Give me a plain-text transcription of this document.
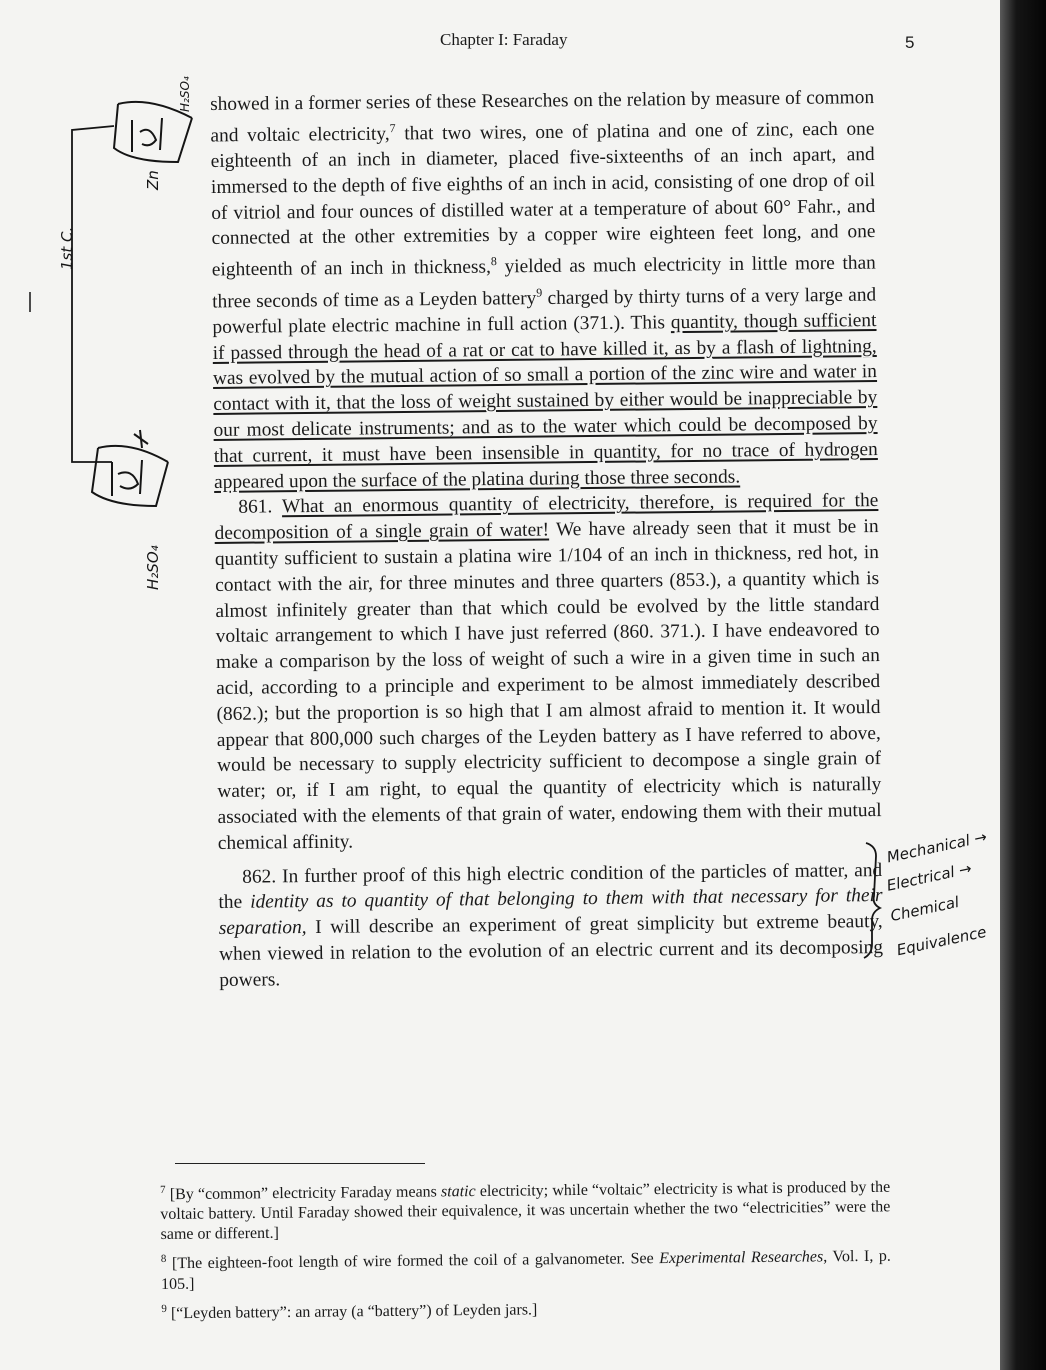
Chapter I: Faraday	5

showed in a former series of these Researches on the relation by measure of common and voltaic electricity,$^7$ that two wires, one of platina and one of zinc, each one eighteenth of an inch in diameter, placed five-sixteenths of an inch apart, and immersed to the depth of five eighths of an inch in acid, consisting of one drop of oil of vitriol and four ounces of distilled water at a temperature of about 60° Fahr., and connected at the other extremities by a copper wire eighteen feet long, and one eighteenth of an inch in thickness,$^8$ yielded as much electricity in little more than three seconds of time as a Leyden battery$^9$ charged by thirty turns of a very large and powerful plate electric machine in full action (371.). This quantity, though sufficient if passed through the head of a rat or cat to have killed it, as by a flash of lightning, was evolved by the mutual action of so small a portion of the zinc wire and water in contact with it, that the loss of weight sustained by either would be inappreciable by our most delicate instruments; and as to the water which could be decomposed by that current, it must have been insensible in quantity, for no trace of hydrogen appeared upon the surface of the platina during those three seconds.

861. What an enormous quantity of electricity, therefore, is required for the decomposition of a single grain of water! We have already seen that it must be in quantity sufficient to sustain a platina wire 1/104 of an inch in thickness, red hot, in contact with the air, for three minutes and three quarters (853.), a quantity which is almost infinitely greater than that which could be evolved by the little standard voltaic arrangement to which I have just referred (860. 371.). I have endeavored to make a comparison by the loss of weight of such a wire in a given time in such an acid, according to a principle and experiment to be almost immediately described (862.); but the proportion is so high that I am almost afraid to mention it. It would appear that 800,000 such charges of the Leyden battery as I have referred to above, would be necessary to supply electricity sufficient to decompose a single grain of water; or, if I am right, to equal the quantity of electricity which is naturally associated with the elements of that grain of water, endowing them with their mutual chemical affinity.

862. In further proof of this high electric condition of the particles of matter, and the identity as to quantity of that belonging to them with that necessary for their separation, I will describe an experiment of great simplicity but extreme beauty, when viewed in relation to the evolution of an electric current and its decomposing powers.

$^7$ [By “common” electricity Faraday means static electricity; while “voltaic” electricity is what is produced by the voltaic battery. Until Faraday showed their equivalence, it was uncertain whether the two “electricities” were the same or different.]

$^8$ [The eighteen-foot length of wire formed the coil of a galvanometer. See Experimental Researches, Vol. I, p. 105.]

$^9$ [“Leyden battery”: an array (a “battery”) of Leyden jars.]

1st C.
Zn
H₂SO₄
H₂SO₄
Mechanical →
Electrical →
Chemical
Equivalence
